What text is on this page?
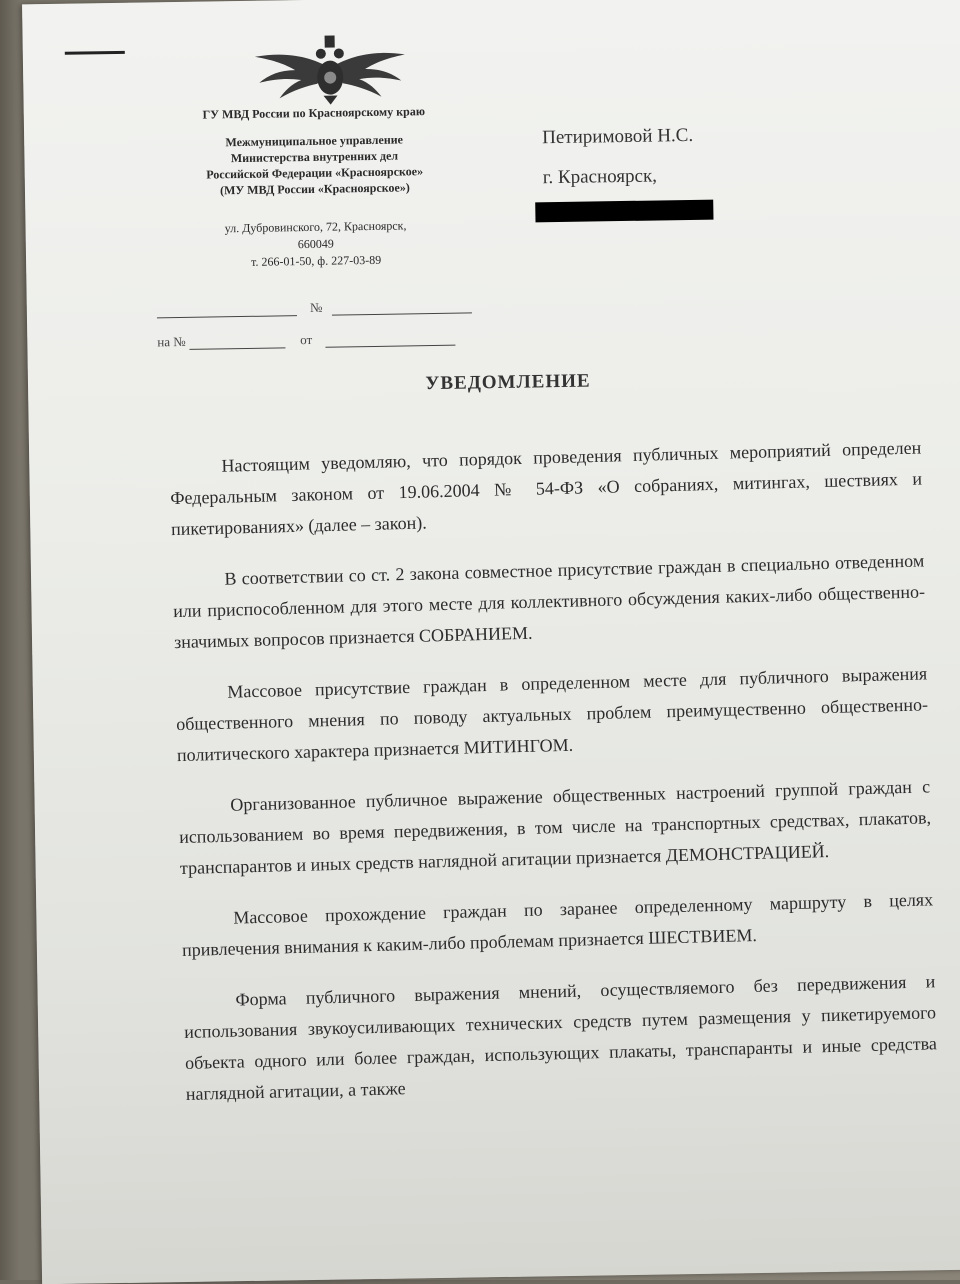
ГУ МВД России по Красноярскому краю
Межмуниципальное управление
Министерства внутренних дел
Российской Федерации «Красноярское»
(МУ МВД России «Красноярское»)
ул. Дубровинского, 72, Красноярск,
660049
т. 266-01-50, ф. 227-03-89
Петиримовой Н.С.
г. Красноярск,
№
на №	от
УВЕДОМЛЕНИЕ

Настоящим уведомляю, что порядок проведения публичных мероприятий определен Федеральным законом от 19.06.2004 № 54-ФЗ «О собраниях, митингах, шествиях и пикетированиях» (далее – закон).

В соответствии со ст. 2 закона совместное присутствие граждан в специально отведенном или приспособленном для этого месте для коллективного обсуждения каких-либо общественно-значимых вопросов признается СОБРАНИЕМ.

Массовое присутствие граждан в определенном месте для публичного выражения общественного мнения по поводу актуальных проблем преимущественно общественно-политического характера признается МИТИНГОМ.

Организованное публичное выражение общественных настроений группой граждан с использованием во время передвижения, в том числе на транспортных средствах, плакатов, транспарантов и иных средств наглядной агитации признается ДЕМОНСТРАЦИЕЙ.

Массовое прохождение граждан по заранее определенному маршруту в целях привлечения внимания к каким-либо проблемам признается ШЕСТВИЕМ.

Форма публичного выражения мнений, осуществляемого без передвижения и использования звукоусиливающих технических средств путем размещения у пикетируемого объекта одного или более граждан, использующих плакаты, транспаранты и иные средства наглядной агитации, а также
